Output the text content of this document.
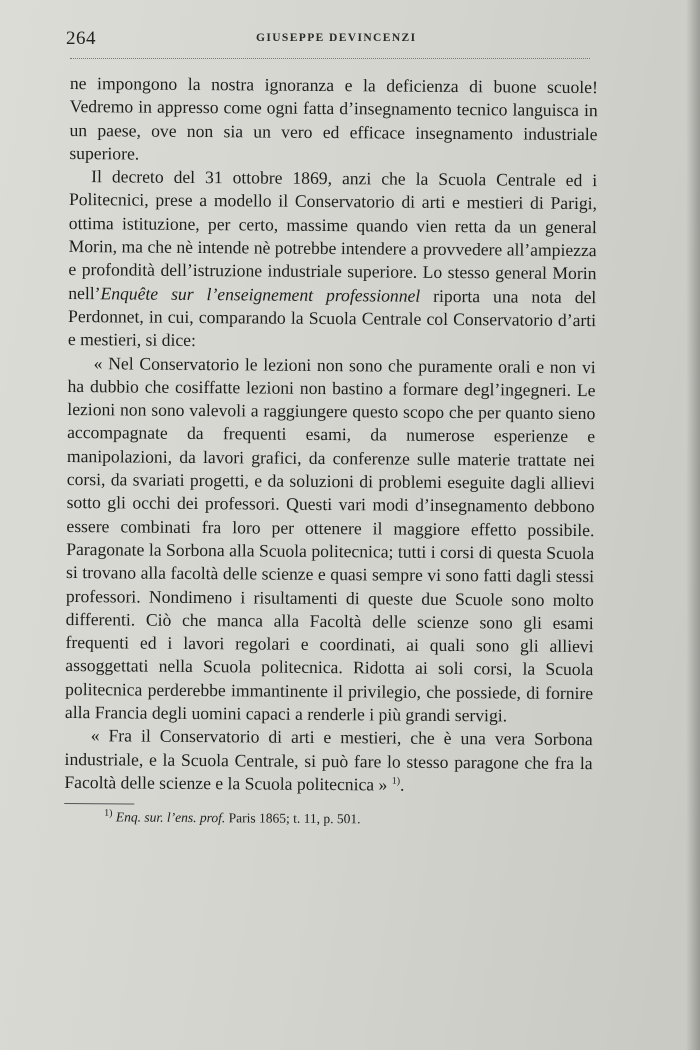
264	GIUSEPPE DEVINCENZI

ne impongono la nostra ignoranza e la deficienza di buone scuole! Vedremo in appresso come ogni fatta d’insegnamento tecnico languisca in un paese, ove non sia un vero ed efficace insegnamento industriale superiore.

Il decreto del 31 ottobre 1869, anzi che la Scuola Centrale ed i Politecnici, prese a modello il Conservatorio di arti e mestieri di Parigi, ottima istituzione, per certo, massime quando vien retta da un general Morin, ma che nè intende nè potrebbe intendere a provvedere all’ampiezza e profondità dell’istruzione industriale superiore. Lo stesso general Morin nell’Enquête sur l’enseignement professionnel riporta una nota del Perdonnet, in cui, comparando la Scuola Centrale col Conservatorio d’arti e mestieri, si dice:

« Nel Conservatorio le lezioni non sono che puramente orali e non vi ha dubbio che cosiffatte lezioni non bastino a formare degl’ingegneri. Le lezioni non sono valevoli a raggiungere questo scopo che per quanto sieno accompagnate da frequenti esami, da numerose esperienze e manipolazioni, da lavori grafici, da conferenze sulle materie trattate nei corsi, da svariati progetti, e da soluzioni di problemi eseguite dagli allievi sotto gli occhi dei professori. Questi vari modi d’insegnamento debbono essere combinati fra loro per ottenere il maggiore effetto possibile. Paragonate la Sorbona alla Scuola politecnica; tutti i corsi di questa Scuola si trovano alla facoltà delle scienze e quasi sempre vi sono fatti dagli stessi professori. Nondimeno i risultamenti di queste due Scuole sono molto differenti. Ciò che manca alla Facoltà delle scienze sono gli esami frequenti ed i lavori regolari e coordinati, ai quali sono gli allievi assoggettati nella Scuola politecnica. Ridotta ai soli corsi, la Scuola politecnica perderebbe immantinente il privilegio, che possiede, di fornire alla Francia degli uomini capaci a renderle i più grandi servigi.

« Fra il Conservatorio di arti e mestieri, che è una vera Sorbona industriale, e la Scuola Centrale, si può fare lo stesso paragone che fra la Facoltà delle scienze e la Scuola politecnica » $^{1)}$.

$^{1)}$ Enq. sur. l’ens. prof. Paris 1865; t. 11, p. 501.
